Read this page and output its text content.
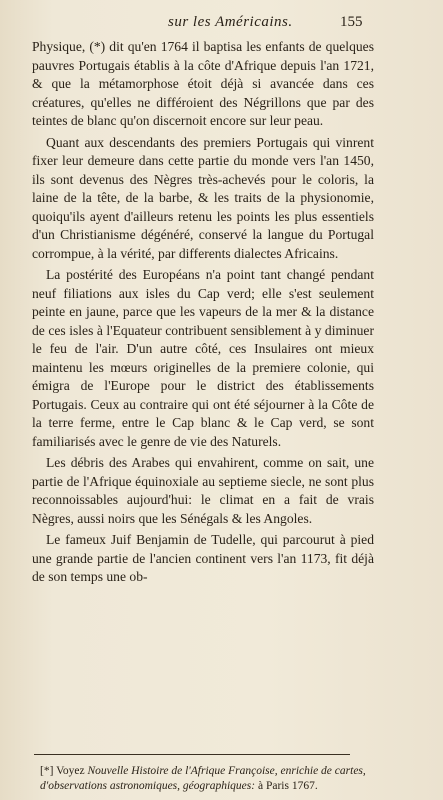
sur les Américains.	155

Physique, (*) dit qu'en 1764 il baptisa les enfants de quelques pauvres Portugais établis à la côte d'Afrique depuis l'an 1721, & que la métamorphose étoit déjà si avancée dans ces créatures, qu'elles ne différoient des Négrillons que par des teintes de blanc qu'on discernoit encore sur leur peau.

Quant aux descendants des premiers Portugais qui vinrent fixer leur demeure dans cette partie du monde vers l'an 1450, ils sont devenus des Nègres très-achevés pour le coloris, la laine de la tête, de la barbe, & les traits de la physionomie, quoiqu'ils ayent d'ailleurs retenu les points les plus essentiels d'un Christianisme dégénéré, conservé la langue du Portugal corrompue, à la vérité, par differents dialectes Africains.

La postérité des Européans n'a point tant changé pendant neuf filiations aux isles du Cap verd; elle s'est seulement peinte en jaune, parce que les vapeurs de la mer & la distance de ces isles à l'Equateur contribuent sensiblement à y diminuer le feu de l'air. D'un autre côté, ces Insulaires ont mieux maintenu les mœurs originelles de la premiere colonie, qui émigra de l'Europe pour le district des établissements Portugais. Ceux au contraire qui ont été séjourner à la Côte de la terre ferme, entre le Cap blanc & le Cap verd, se sont familiarisés avec le genre de vie des Naturels.

Les débris des Arabes qui envahirent, comme on sait, une partie de l'Afrique équinoxiale au septieme siecle, ne sont plus reconnoissables aujourd'hui: le climat en a fait de vrais Nègres, aussi noirs que les Sénégals & les Angoles.

Le fameux Juif Benjamin de Tudelle, qui parcourut à pied une grande partie de l'ancien continent vers l'an 1173, fit déjà de son temps une ob-

[*] Voyez Nouvelle Histoire de l'Afrique Françoise, enrichie de cartes, d'observations astronomiques, géographiques: à Paris 1767.
